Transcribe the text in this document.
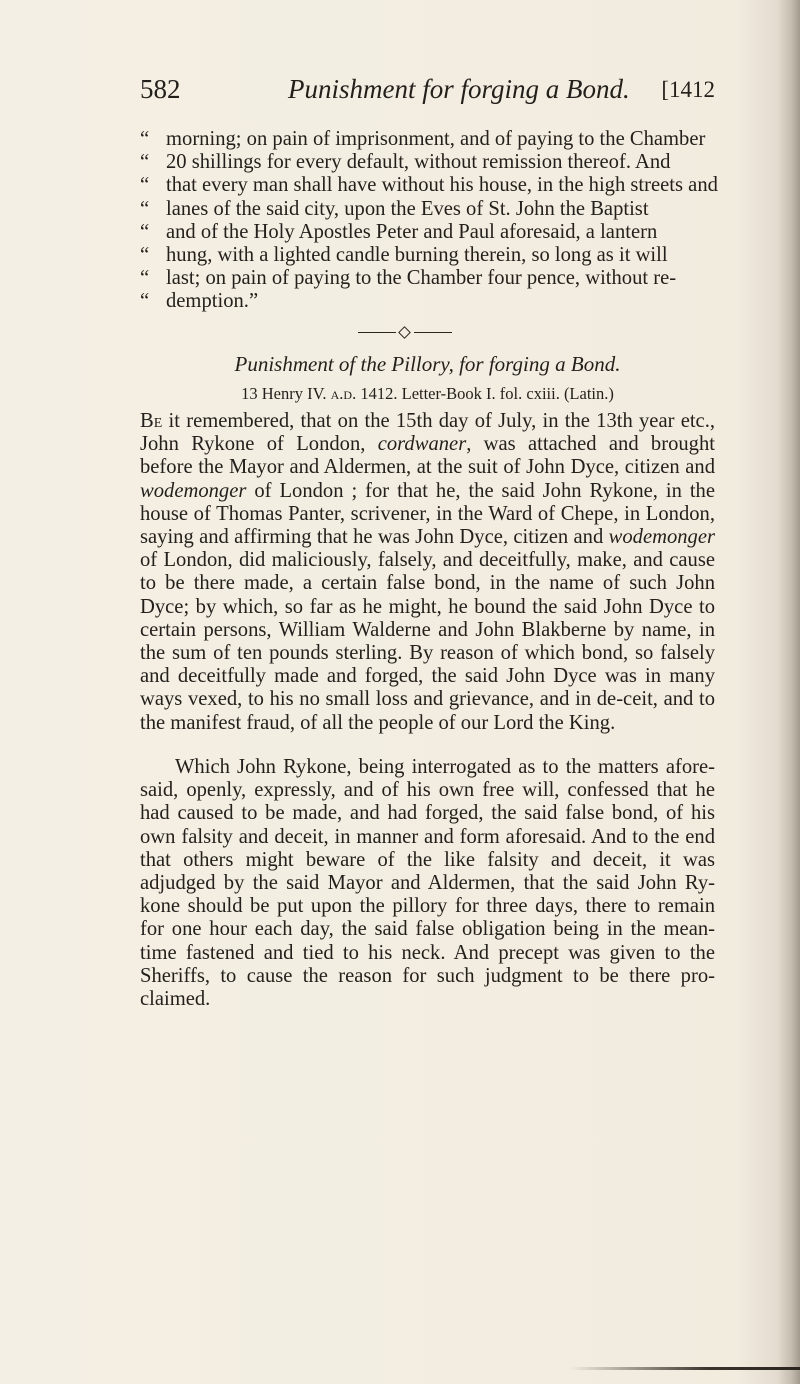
582	Punishment for forging a Bond. [1412
“ morning; on pain of imprisonment, and of paying to the Chamber
“ 20 shillings for every default, without remission thereof. And
“ that every man shall have without his house, in the high streets and
“ lanes of the said city, upon the Eves of St. John the Baptist
“ and of the Holy Apostles Peter and Paul aforesaid, a lantern
“ hung, with a lighted candle burning therein, so long as it will
“ last; on pain of paying to the Chamber four pence, without re-
“ demption.”
Punishment of the Pillory, for forging a Bond.
13 Henry IV. a.d. 1412. Letter-Book I. fol. cxiii. (Latin.)
Be it remembered, that on the 15th day of July, in the 13th year etc., John Rykone of London, cordwaner, was attached and brought before the Mayor and Aldermen, at the suit of John Dyce, citizen and wodemonger of London ; for that he, the said John Rykone, in the house of Thomas Panter, scrivener, in the Ward of Chepe, in London, saying and affirming that he was John Dyce, citizen and wodemonger of London, did maliciously, falsely, and deceitfully, make, and cause to be there made, a certain false bond, in the name of such John Dyce; by which, so far as he might, he bound the said John Dyce to certain persons, William Walderne and John Blakberne by name, in the sum of ten pounds sterling. By reason of which bond, so falsely and deceitfully made and forged, the said John Dyce was in many ways vexed, to his no small loss and grievance, and in de-ceit, and to the manifest fraud, of all the people of our Lord the King.
Which John Rykone, being interrogated as to the matters afore-said, openly, expressly, and of his own free will, confessed that he had caused to be made, and had forged, the said false bond, of his own falsity and deceit, in manner and form aforesaid. And to the end that others might beware of the like falsity and deceit, it was adjudged by the said Mayor and Aldermen, that the said John Ry-kone should be put upon the pillory for three days, there to remain for one hour each day, the said false obligation being in the mean-time fastened and tied to his neck. And precept was given to the Sheriffs, to cause the reason for such judgment to be there pro-claimed.
